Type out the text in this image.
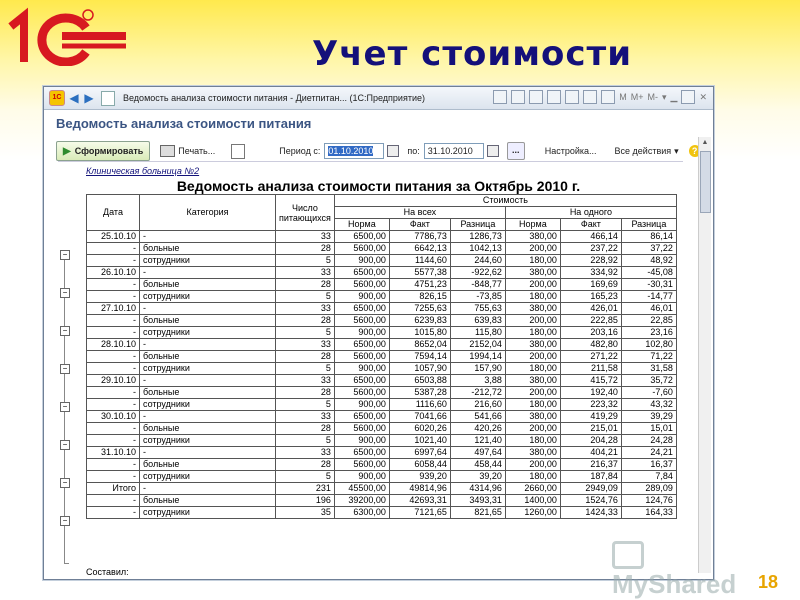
Учет стоимости
1С ◀ ▶	Ведомость анализа стоимости питания - Диетпитан... (1С:Предприятие)	M M+ M- ▾ ▁ ✕
Ведомость анализа стоимости питания
▶ Сформировать	Печать...	Период с: 01.10.2010	по: 31.10.2010	...	Настройка... Все действия ▾	?
−
−
−
−
−
−
−
−
Клиническая больница №2
Ведомость анализа стоимости питания за Октябрь 2010 г.
Дата	Категория	Число питающихся	Стоимость					
			На всех			На одного		
			Норма	Факт	Разница	Норма	Факт	Разница
25.10.10	-	33	6500,00	7786,73	1286,73	380,00	466,14	86,14
-	больные	28	5600,00	6642,13	1042,13	200,00	237,22	37,22
-	сотрудники	5	900,00	1144,60	244,60	180,00	228,92	48,92
26.10.10	-	33	6500,00	5577,38	-922,62	380,00	334,92	-45,08
-	больные	28	5600,00	4751,23	-848,77	200,00	169,69	-30,31
-	сотрудники	5	900,00	826,15	-73,85	180,00	165,23	-14,77
27.10.10	-	33	6500,00	7255,63	755,63	380,00	426,01	46,01
-	больные	28	5600,00	6239,83	639,83	200,00	222,85	22,85
-	сотрудники	5	900,00	1015,80	115,80	180,00	203,16	23,16
28.10.10	-	33	6500,00	8652,04	2152,04	380,00	482,80	102,80
-	больные	28	5600,00	7594,14	1994,14	200,00	271,22	71,22
-	сотрудники	5	900,00	1057,90	157,90	180,00	211,58	31,58
29.10.10	-	33	6500,00	6503,88	3,88	380,00	415,72	35,72
-	больные	28	5600,00	5387,28	-212,72	200,00	192,40	-7,60
-	сотрудники	5	900,00	1116,60	216,60	180,00	223,32	43,32
30.10.10	-	33	6500,00	7041,66	541,66	380,00	419,29	39,29
-	больные	28	5600,00	6020,26	420,26	200,00	215,01	15,01
-	сотрудники	5	900,00	1021,40	121,40	180,00	204,28	24,28
31.10.10	-	33	6500,00	6997,64	497,64	380,00	404,21	24,21
-	больные	28	5600,00	6058,44	458,44	200,00	216,37	16,37
-	сотрудники	5	900,00	939,20	39,20	180,00	187,84	7,84
Итого	-	231	45500,00	49814,96	4314,96	2660,00	2949,09	289,09
-	больные	196	39200,00	42693,31	3493,31	1400,00	1524,76	124,76
-	сотрудники	35	6300,00	7121,65	821,65	1260,00	1424,33	164,33
Составил:
▲
MyShared	18
